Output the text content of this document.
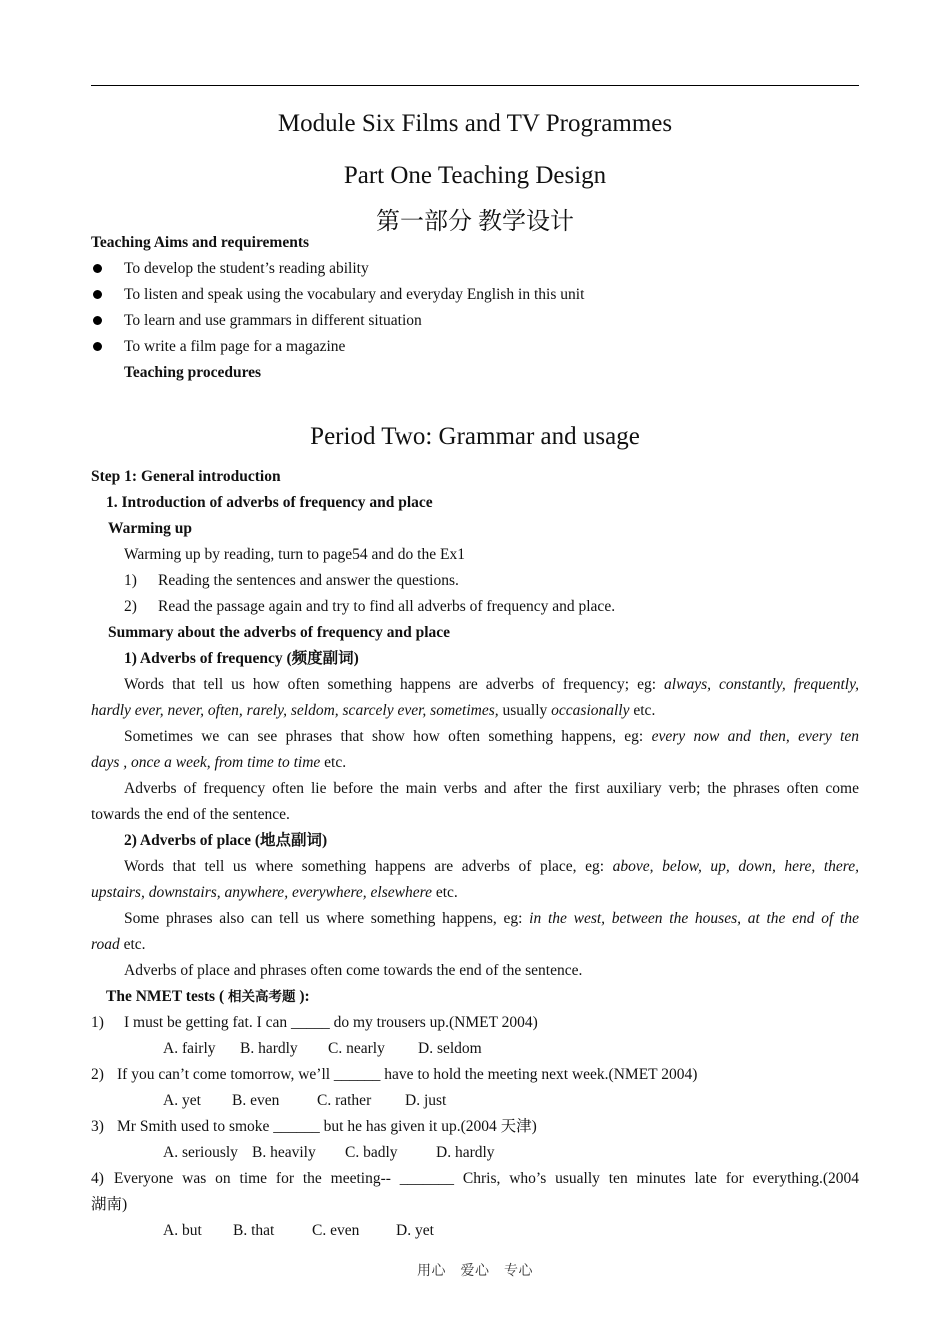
Module Six Films and TV Programmes
Part One Teaching Design
第一部分 教学设计
Teaching Aims and requirements
To develop the student’s reading ability
To listen and speak using the vocabulary and everyday English in this unit
To learn and use grammars in different situation
To write a film page for a magazine
Teaching procedures
Period Two: Grammar and usage
Step 1: General introduction
1. Introduction of adverbs of frequency and place
Warming up
Warming up by reading, turn to page54 and do the Ex1
1) Reading the sentences and answer the questions.
2) Read the passage again and try to find all adverbs of frequency and place.
Summary about the adverbs of frequency and place
1) Adverbs of frequency (频度副词)
Words that tell us how often something happens are adverbs of frequency; eg: always, constantly, frequently,
hardly ever, never, often, rarely, seldom, scarcely ever, sometimes, usually occasionally etc.
Sometimes we can see phrases that show how often something happens, eg: every now and then, every ten
days , once a week, from time to time etc.
Adverbs of frequency often lie before the main verbs and after the first auxiliary verb; the phrases often come
towards the end of the sentence.
2) Adverbs of place (地点副词)
Words that tell us where something happens are adverbs of place, eg: above, below, up, down, here, there,
upstairs, downstairs, anywhere, everywhere, elsewhere etc.
Some phrases also can tell us where something happens, eg: in the west, between the houses, at the end of the
road etc.
Adverbs of place and phrases often come towards the end of the sentence.
The NMET tests ( 相关高考题 ):
1) I must be getting fat. I can _____ do my trousers up.(NMET 2004)
A. fairly B. hardly C. nearly D. seldom
2) If you can’t come tomorrow, we’ll ______ have to hold the meeting next week.(NMET 2004)
A. yet B. even C. rather D. just
3) Mr Smith used to smoke ______ but he has given it up.(2004 天津)
A. seriously B. heavily C. badly D. hardly
4) Everyone was on time for the meeting-- _______ Chris, who’s usually ten minutes late for everything.(2004
湖南)
A. but B. that C. even D. yet
用心　爱心　专心
